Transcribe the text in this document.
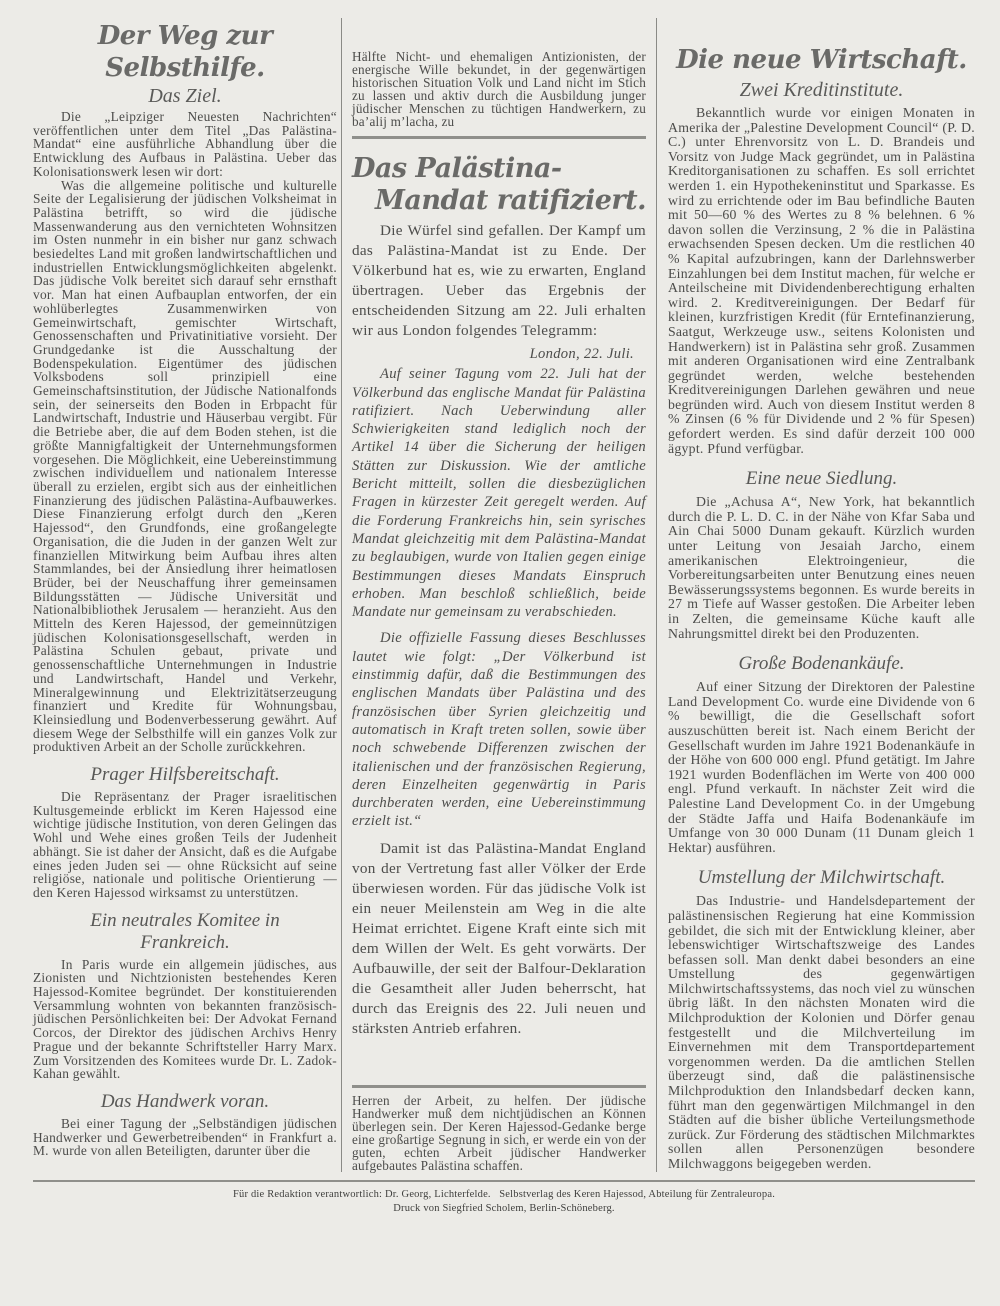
Der Weg zur Selbsthilfe.
Das Ziel.

Die „Leipziger Neuesten Nachrichten“ veröffentlichen unter dem Titel „Das Palästina-Mandat“ eine ausführliche Abhandlung über die Entwicklung des Aufbaus in Palästina. Ueber das Kolonisationswerk lesen wir dort:

Was die allgemeine politische und kulturelle Seite der Legalisierung der jüdischen Volksheimat in Palästina betrifft, so wird die jüdische Massenwanderung aus den vernichteten Wohnsitzen im Osten nunmehr in ein bisher nur ganz schwach besiedeltes Land mit großen landwirtschaftlichen und industriellen Entwicklungsmöglichkeiten abgelenkt. Das jüdische Volk bereitet sich darauf sehr ernsthaft vor. Man hat einen Aufbauplan entworfen, der ein wohlüberlegtes Zusammenwirken von Gemeinwirtschaft, gemischter Wirtschaft, Genossenschaften und Privatinitiative vorsieht. Der Grundgedanke ist die Ausschaltung der Bodenspekulation. Eigentümer des jüdischen Volksbodens soll prinzipiell eine Gemeinschaftsinstitution, der Jüdische Nationalfonds sein, der seinerseits den Boden in Erbpacht für Landwirtschaft, Industrie und Häuserbau vergibt. Für die Betriebe aber, die auf dem Boden stehen, ist die größte Mannigfaltigkeit der Unternehmungsformen vorgesehen. Die Möglichkeit, eine Uebereinstimmung zwischen individuellem und nationalem Interesse überall zu erzielen, ergibt sich aus der einheitlichen Finanzierung des jüdischen Palästina-Aufbauwerkes. Diese Finanzierung erfolgt durch den „Keren Hajessod“, den Grundfonds, eine großangelegte Organisation, die die Juden in der ganzen Welt zur finanziellen Mitwirkung beim Aufbau ihres alten Stammlandes, bei der Ansiedlung ihrer heimatlosen Brüder, bei der Neuschaffung ihrer gemeinsamen Bildungsstätten — Jüdische Universität und Nationalbibliothek Jerusalem — heranzieht. Aus den Mitteln des Keren Hajessod, der gemeinnützigen jüdischen Kolonisationsgesellschaft, werden in Palästina Schulen gebaut, private und genossenschaftliche Unternehmungen in Industrie und Landwirtschaft, Handel und Verkehr, Mineralgewinnung und Elektrizitätserzeugung finanziert und Kredite für Wohnungsbau, Kleinsiedlung und Bodenverbesserung gewährt. Auf diesem Wege der Selbsthilfe will ein ganzes Volk zur produktiven Arbeit an der Scholle zurückkehren.

Prager Hilfsbereitschaft.

Die Repräsentanz der Prager israelitischen Kultusgemeinde erblickt im Keren Hajessod eine wichtige jüdische Institution, von deren Gelingen das Wohl und Wehe eines großen Teils der Judenheit abhängt. Sie ist daher der Ansicht, daß es die Aufgabe eines jeden Juden sei — ohne Rücksicht auf seine religiöse, nationale und politische Orientierung — den Keren Hajessod wirksamst zu unterstützen.

Ein neutrales Komitee in
Frankreich.

In Paris wurde ein allgemein jüdisches, aus Zionisten und Nichtzionisten bestehendes Keren Hajessod-Komitee begründet. Der konstituierenden Versammlung wohnten von bekannten französisch-jüdischen Persönlichkeiten bei: Der Advokat Fernand Corcos, der Direktor des jüdischen Archivs Henry Prague und der bekannte Schriftsteller Harry Marx. Zum Vorsitzenden des Komitees wurde Dr. L. Zadok-Kahan gewählt.

Das Handwerk voran.

Bei einer Tagung der „Selbständigen jüdischen Handwerker und Gewerbetreibenden“ in Frankfurt a. M. wurde von allen Beteiligten, darunter über die

Hälfte Nicht- und ehemaligen Antizionisten, der energische Wille bekundet, in der gegenwärtigen historischen Situation Volk und Land nicht im Stich zu lassen und aktiv durch die Ausbildung junger jüdischer Menschen zu tüchtigen Handwerkern, zu ba’alij m’lacha, zu

Das Palästina-
Mandat ratifiziert.

Die Würfel sind gefallen. Der Kampf um das Palästina-Mandat ist zu Ende. Der Völkerbund hat es, wie zu erwarten, England übertragen. Ueber das Ergebnis der entscheidenden Sitzung am 22. Juli erhalten wir aus London folgendes Telegramm:

London, 22. Juli.

Auf seiner Tagung vom 22. Juli hat der Völkerbund das englische Mandat für Palästina ratifiziert. Nach Ueberwindung aller Schwierigkeiten stand lediglich noch der Artikel 14 über die Sicherung der heiligen Stätten zur Diskussion. Wie der amtliche Bericht mitteilt, sollen die diesbezüglichen Fragen in kürzester Zeit geregelt werden. Auf die Forderung Frankreichs hin, sein syrisches Mandat gleichzeitig mit dem Palästina-Mandat zu beglaubigen, wurde von Italien gegen einige Bestimmungen dieses Mandats Einspruch erhoben. Man beschloß schließlich, beide Mandate nur gemeinsam zu verabschieden.

Die offizielle Fassung dieses Beschlusses lautet wie folgt: „Der Völkerbund ist einstimmig dafür, daß die Bestimmungen des englischen Mandats über Palästina und des französischen über Syrien gleichzeitig und automatisch in Kraft treten sollen, sowie über noch schwebende Differenzen zwischen der italienischen und der französischen Regierung, deren Einzelheiten gegenwärtig in Paris durchberaten werden, eine Uebereinstimmung erzielt ist.“

Damit ist das Palästina-Mandat England von der Vertretung fast aller Völker der Erde überwiesen worden. Für das jüdische Volk ist ein neuer Meilenstein am Weg in die alte Heimat errichtet. Eigene Kraft einte sich mit dem Willen der Welt. Es geht vorwärts. Der Aufbauwille, der seit der Balfour-Deklaration die Gesamtheit aller Juden beherrscht, hat durch das Ereignis des 22. Juli neuen und stärksten Antrieb erfahren.

Herren der Arbeit, zu helfen. Der jüdische Handwerker muß dem nichtjüdischen an Können überlegen sein. Der Keren Hajessod-Gedanke berge eine großartige Segnung in sich, er werde ein von der guten, echten Arbeit jüdischer Handwerker aufgebautes Palästina schaffen.

Die neue Wirtschaft.
Zwei Kreditinstitute.

Bekanntlich wurde vor einigen Monaten in Amerika der „Palestine Development Council“ (P. D. C.) unter Ehrenvorsitz von L. D. Brandeis und Vorsitz von Judge Mack gegründet, um in Palästina Kreditorganisationen zu schaffen. Es soll errichtet werden 1. ein Hypothekeninstitut und Sparkasse. Es wird zu errichtende oder im Bau befindliche Bauten mit 50—60 % des Wertes zu 8 % belehnen. 6 % davon sollen die Verzinsung, 2 % die in Palästina erwachsenden Spesen decken. Um die restlichen 40 % Kapital aufzubringen, kann der Darlehnswerber Einzahlungen bei dem Institut machen, für welche er Anteilscheine mit Dividendenberechtigung erhalten wird. 2. Kreditvereinigungen. Der Bedarf für kleinen, kurzfristigen Kredit (für Erntefinanzierung, Saatgut, Werkzeuge usw., seitens Kolonisten und Handwerkern) ist in Palästina sehr groß. Zusammen mit anderen Organisationen wird eine Zentralbank gegründet werden, welche bestehenden Kreditvereinigungen Darlehen gewähren und neue begründen wird. Auch von diesem Institut werden 8 % Zinsen (6 % für Dividende und 2 % für Spesen) gefordert werden. Es sind dafür derzeit 100 000 ägypt. Pfund verfügbar.

Eine neue Siedlung.

Die „Achusa A“, New York, hat bekanntlich durch die P. L. D. C. in der Nähe von Kfar Saba und Ain Chai 5000 Dunam gekauft. Kürzlich wurden unter Leitung von Jesaiah Jarcho, einem amerikanischen Elektroingenieur, die Vorbereitungsarbeiten unter Benutzung eines neuen Bewässerungssystems begonnen. Es wurde bereits in 27 m Tiefe auf Wasser gestoßen. Die Arbeiter leben in Zelten, die gemeinsame Küche kauft alle Nahrungsmittel direkt bei den Produzenten.

Große Bodenankäufe.

Auf einer Sitzung der Direktoren der Palestine Land Development Co. wurde eine Dividende von 6 % bewilligt, die die Gesellschaft sofort auszuschütten bereit ist. Nach einem Bericht der Gesellschaft wurden im Jahre 1921 Bodenankäufe in der Höhe von 600 000 engl. Pfund getätigt. Im Jahre 1921 wurden Bodenflächen im Werte von 400 000 engl. Pfund verkauft. In nächster Zeit wird die Palestine Land Development Co. in der Umgebung der Städte Jaffa und Haifa Bodenankäufe im Umfange von 30 000 Dunam (11 Dunam gleich 1 Hektar) ausführen.

Umstellung der Milchwirtschaft.

Das Industrie- und Handelsdepartement der palästinensischen Regierung hat eine Kommission gebildet, die sich mit der Entwicklung kleiner, aber lebenswichtiger Wirtschaftszweige des Landes befassen soll. Man denkt dabei besonders an eine Umstellung des gegenwärtigen Milchwirtschaftssystems, das noch viel zu wünschen übrig läßt. In den nächsten Monaten wird die Milchproduktion der Kolonien und Dörfer genau festgestellt und die Milchverteilung im Einvernehmen mit dem Transportdepartement vorgenommen werden. Da die amtlichen Stellen überzeugt sind, daß die palästinensische Milchproduktion den Inlandsbedarf decken kann, führt man den gegenwärtigen Milchmangel in den Städten auf die bisher übliche Verteilungsmethode zurück. Zur Förderung des städtischen Milchmarktes sollen allen Personenzügen besondere Milchwaggons beigegeben werden.

Für die Redaktion verantwortlich: Dr. Georg, Lichterfelde.   Selbstverlag des Keren Hajessod, Abteilung für Zentraleuropa.
Druck von Siegfried Scholem, Berlin-Schöneberg.
